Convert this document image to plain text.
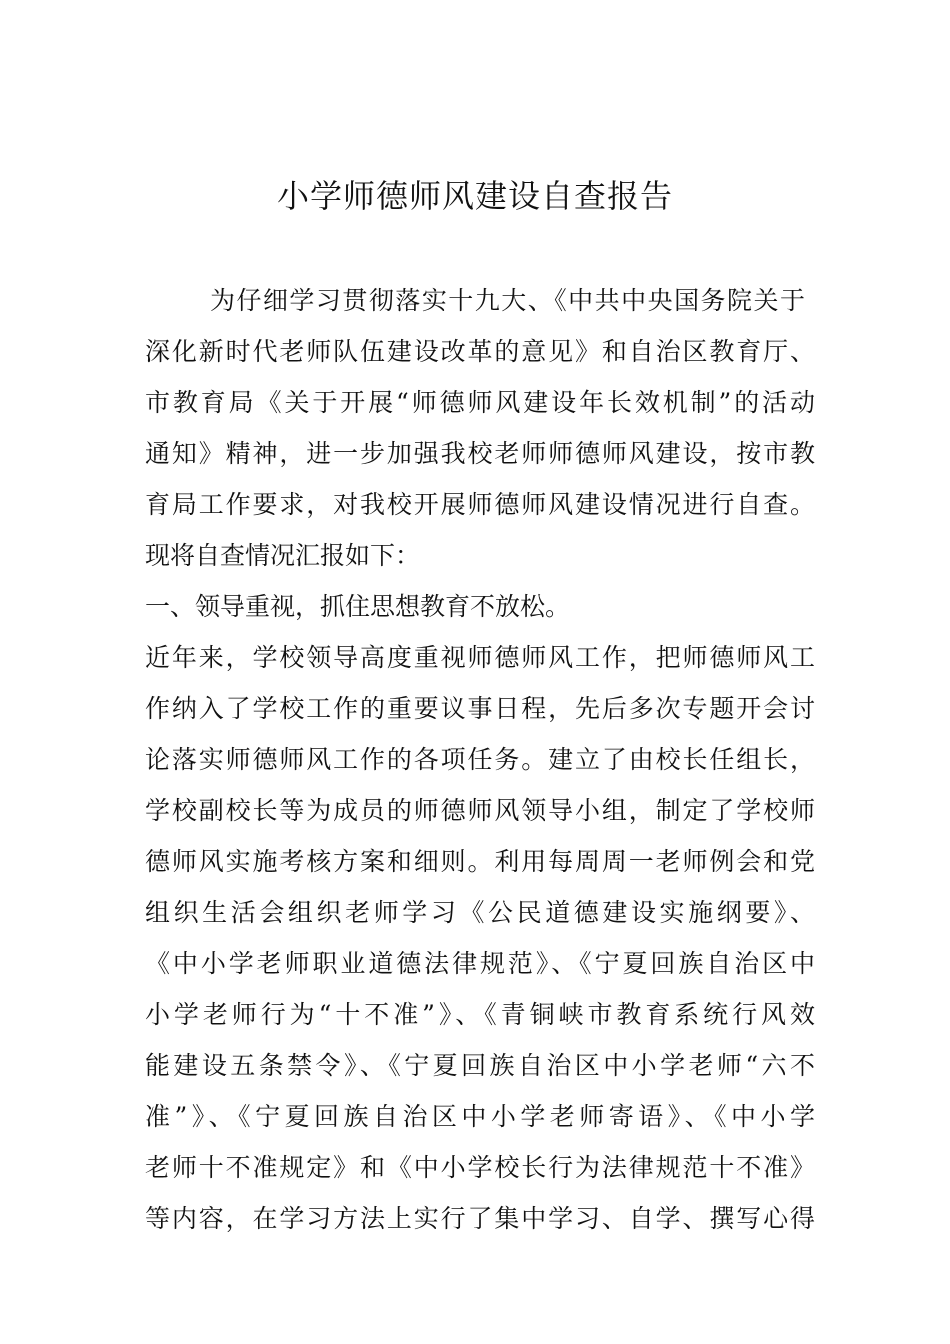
小学师德师风建设自查报告
为仔细学习贯彻落实十九大、《中共中央国务院关于
深化新时代老师队伍建设改革的意见》和自治区教育厅、
市教育局《关于开展“师德师风建设年长效机制”的活动
通知》精神，进一步加强我校老师师德师风建设，按市教
育局工作要求，对我校开展师德师风建设情况进行自查。
现将自查情况汇报如下：
一、领导重视，抓住思想教育不放松。
近年来，学校领导高度重视师德师风工作，把师德师风工
作纳入了学校工作的重要议事日程，先后多次专题开会讨
论落实师德师风工作的各项任务。建立了由校长任组长，
学校副校长等为成员的师德师风领导小组，制定了学校师
德师风实施考核方案和细则。利用每周周一老师例会和党
组织生活会组织老师学习《公民道德建设实施纲要》、
《中小学老师职业道德法律规范》、《宁夏回族自治区中
小学老师行为“十不准”》、《青铜峡市教育系统行风效
能建设五条禁令》、《宁夏回族自治区中小学老师“六不
准”》、《宁夏回族自治区中小学老师寄语》、《中小学
老师十不准规定》和《中小学校长行为法律规范十不准》
等内容，在学习方法上实行了集中学习、自学、撰写心得
